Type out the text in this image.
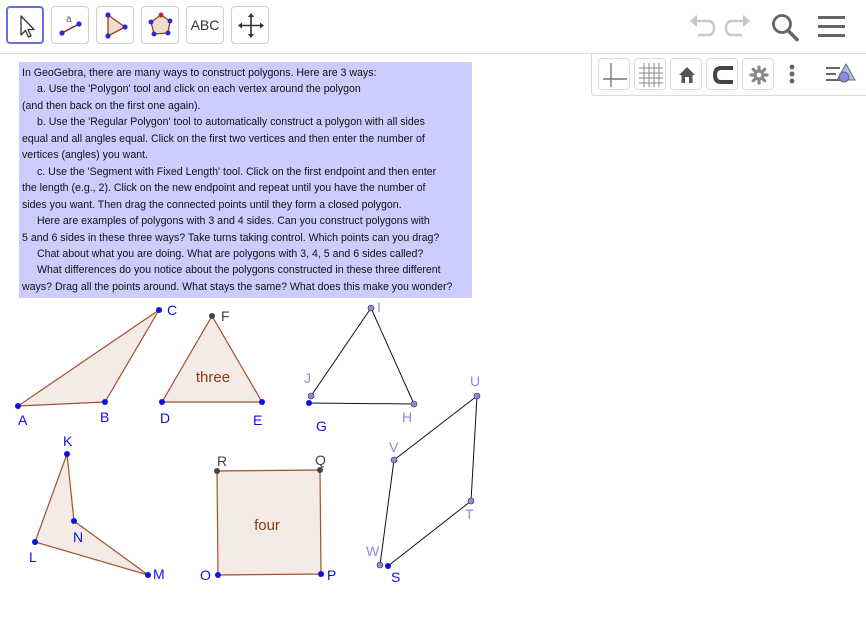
a	ABC
In GeoGebra, there are many ways to construct polygons. Here are 3 ways:
a. Use the 'Polygon' tool and click on each vertex around the polygon
(and then back on the first one again).
b. Use the 'Regular Polygon' tool to automatically construct a polygon with all sides
equal and all angles equal. Click on the first two vertices and then enter the number of
vertices (angles) you want.
c. Use the 'Segment with Fixed Length' tool. Click on the first endpoint and then enter
the length (e.g., 2). Click on the new endpoint and repeat until you have the number of
sides you want. Then drag the connected points until they form a closed polygon.
Here are examples of polygons with 3 and 4 sides. Can you construct polygons with
5 and 6 sides in these three ways? Take turns taking control. Which points can you drag?
Chat about what you are doing. What are polygons with 3, 4, 5 and 6 sides called?
What differences do you notice about the polygons constructed in these three different
ways? Drag all the points around. What stays the same? What does this make you wonder?
three
four
A	B
C
D	E
F
G
H
I
J
K
L
M
N
O	P
Q
R
S
T
U
V
W
